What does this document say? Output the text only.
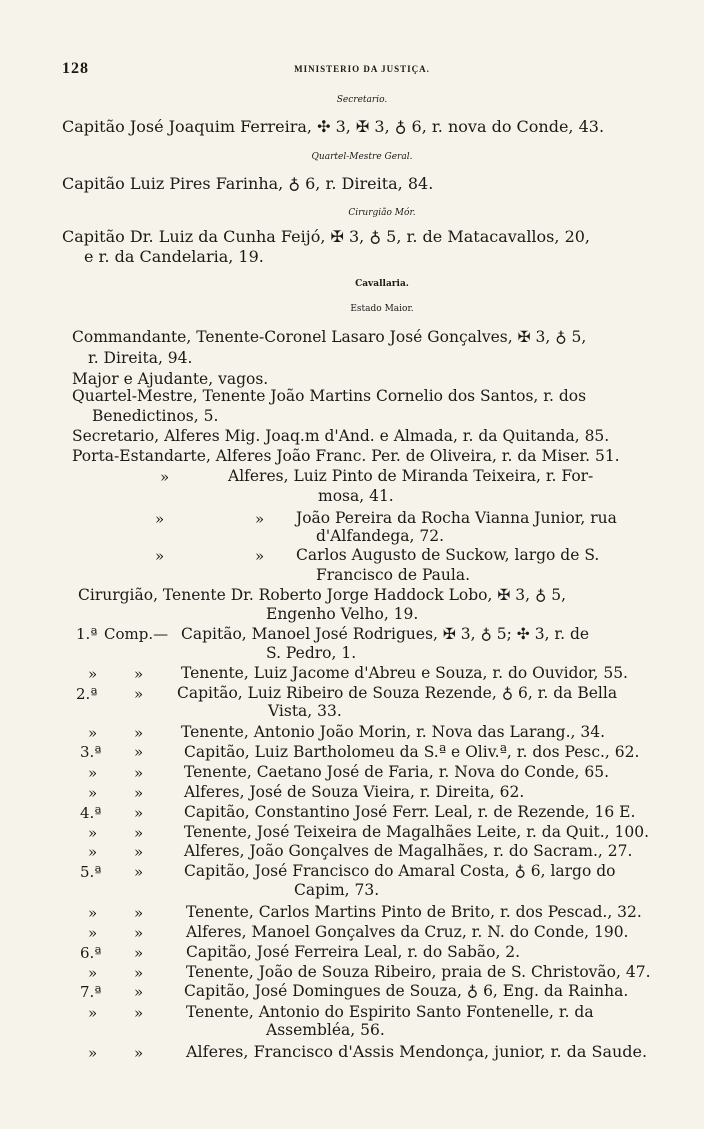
128	MINISTERIO DA JUSTIÇA.
Secretario.
Capitão José Joaquim Ferreira, ✣ 3, ✠ 3, ♁ 6, r. nova do Conde, 43.
Quartel-Mestre Geral.
Capitão Luiz Pires Farinha, ♁ 6, r. Direita, 84.
Cirurgião Mór.
Capitão Dr. Luiz da Cunha Feijó, ✠ 3, ♁ 5, r. de Matacavallos, 20,
e r. da Candelaria, 19.
Cavallaria.
Estado Maior.
Commandante, Tenente-Coronel Lasaro José Gonçalves, ✠ 3, ♁ 5,
r. Direita, 94.
Major e Ajudante, vagos.
Quartel-Mestre, Tenente João Martins Cornelio dos Santos, r. dos
Benedictinos, 5.
Secretario, Alferes Mig. Joaq.m d'And. e Almada, r. da Quitanda, 85.
Porta-Estandarte, Alferes João Franc. Per. de Oliveira, r. da Miser. 51.
»	Alferes, Luiz Pinto de Miranda Teixeira, r. For-
mosa, 41.
»	» João Pereira da Rocha Vianna Junior, rua
d'Alfandega, 72.
»	» Carlos Augusto de Suckow, largo de S.
Francisco de Paula.
Cirurgião, Tenente Dr. Roberto Jorge Haddock Lobo, ✠ 3, ♁ 5,
Engenho Velho, 19.
1.ª Comp.— Capitão, Manoel José Rodrigues, ✠ 3, ♁ 5; ✣ 3, r. de
S. Pedro, 1.
» » Tenente, Luiz Jacome d'Abreu e Souza, r. do Ouvidor, 55.
2.ª » Capitão, Luiz Ribeiro de Souza Rezende, ♁ 6, r. da Bella
Vista, 33.
» » Tenente, Antonio João Morin, r. Nova das Larang., 34.
3.ª »	Capitão, Luiz Bartholomeu da S.ª e Oliv.ª, r. dos Pesc., 62.
» »	Tenente, Caetano José de Faria, r. Nova do Conde, 65.
» »	Alferes, José de Souza Vieira, r. Direita, 62.
4.ª »	Capitão, Constantino José Ferr. Leal, r. de Rezende, 16 E.
» »	Tenente, José Teixeira de Magalhães Leite, r. da Quit., 100.
» »	Alferes, João Gonçalves de Magalhães, r. do Sacram., 27.
5.ª »	Capitão, José Francisco do Amaral Costa, ♁ 6, largo do
Capim, 73.
» »	Tenente, Carlos Martins Pinto de Brito, r. dos Pescad., 32.
» »	Alferes, Manoel Gonçalves da Cruz, r. N. do Conde, 190.
6.ª »	Capitão, José Ferreira Leal, r. do Sabão, 2.
» »	Tenente, João de Souza Ribeiro, praia de S. Christovão, 47.
7.ª »	Capitão, José Domingues de Souza, ♁ 6, Eng. da Rainha.
» »	Tenente, Antonio do Espirito Santo Fontenelle, r. da
Assembléa, 56.
» »	Alferes, Francisco d'Assis Mendonça, junior, r. da Saude.
